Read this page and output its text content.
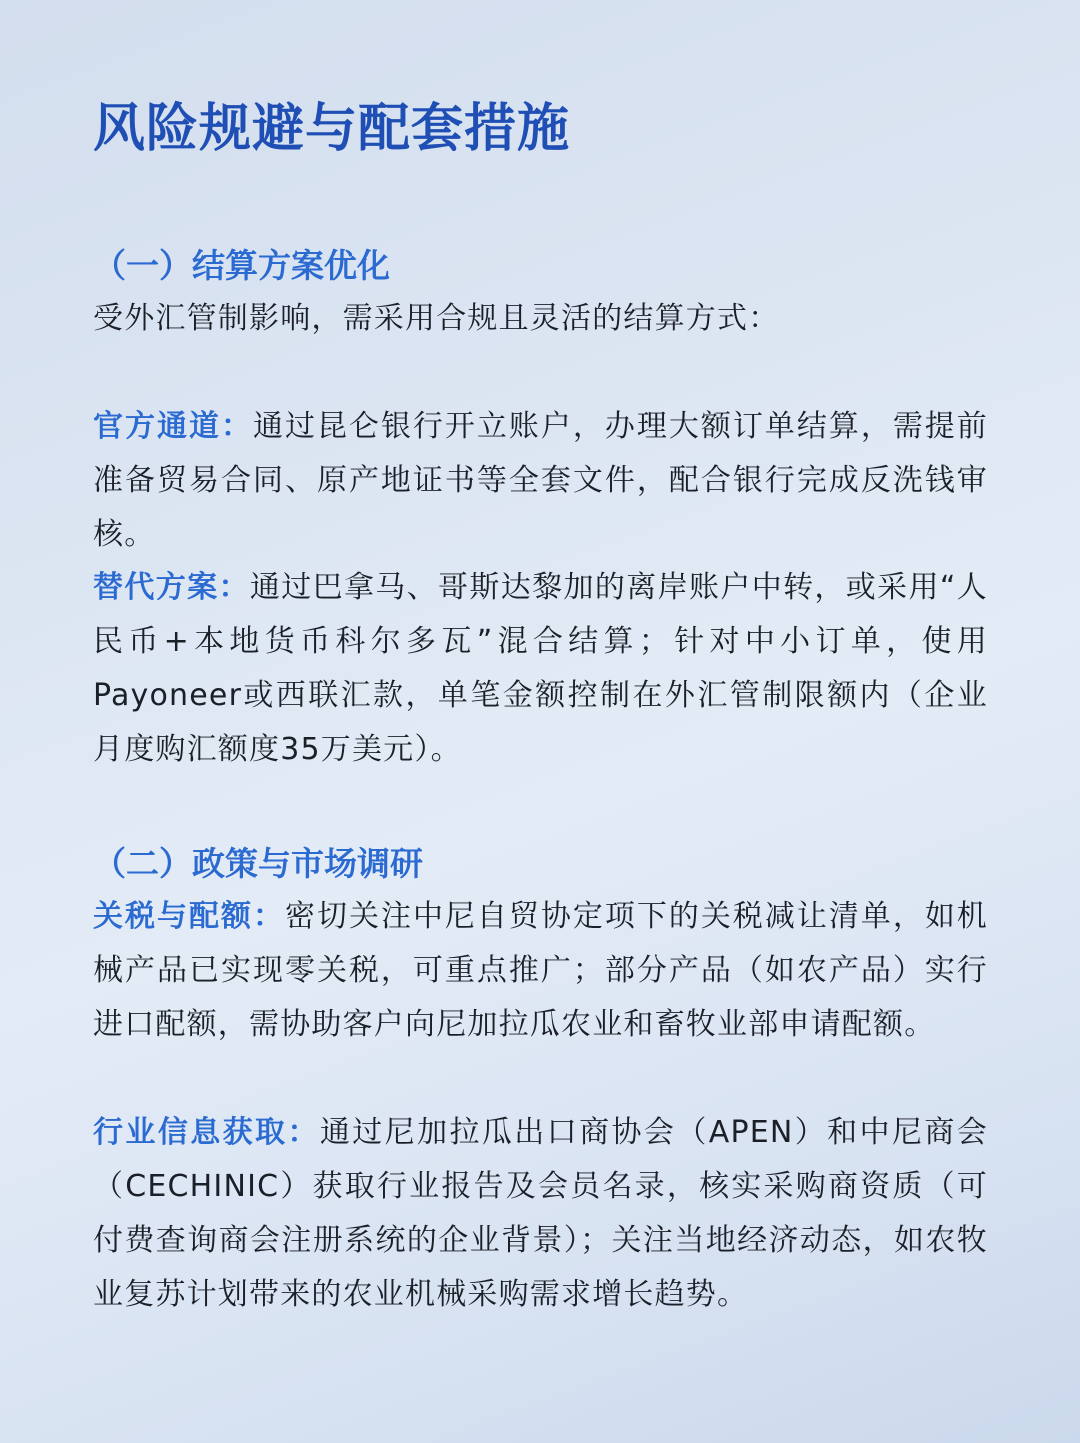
风险规避与配套措施
（一）结算方案优化

受外汇管制影响，需采用合规且灵活的结算方式：

官方通道：通过昆仑银行开立账户，办理大额订单结算，需提前准备贸易合同、原产地证书等全套文件，配合银行完成反洗钱审核。

替代方案：通过巴拿马、哥斯达黎加的离岸账户中转，或采用“人民币+本地货币科尔多瓦”混合结算；针对中小订单，使用Payoneer或西联汇款，单笔金额控制在外汇管制限额内（企业月度购汇额度35万美元）。

（二）政策与市场调研

关税与配额：密切关注中尼自贸协定项下的关税减让清单，如机械产品已实现零关税，可重点推广；部分产品（如农产品）实行进口配额，需协助客户向尼加拉瓜农业和畜牧业部申请配额。

行业信息获取：通过尼加拉瓜出口商协会（APEN）和中尼商会（CECHINIC）获取行业报告及会员名录，核实采购商资质（可付费查询商会注册系统的企业背景）；关注当地经济动态，如农牧业复苏计划带来的农业机械采购需求增长趋势。
